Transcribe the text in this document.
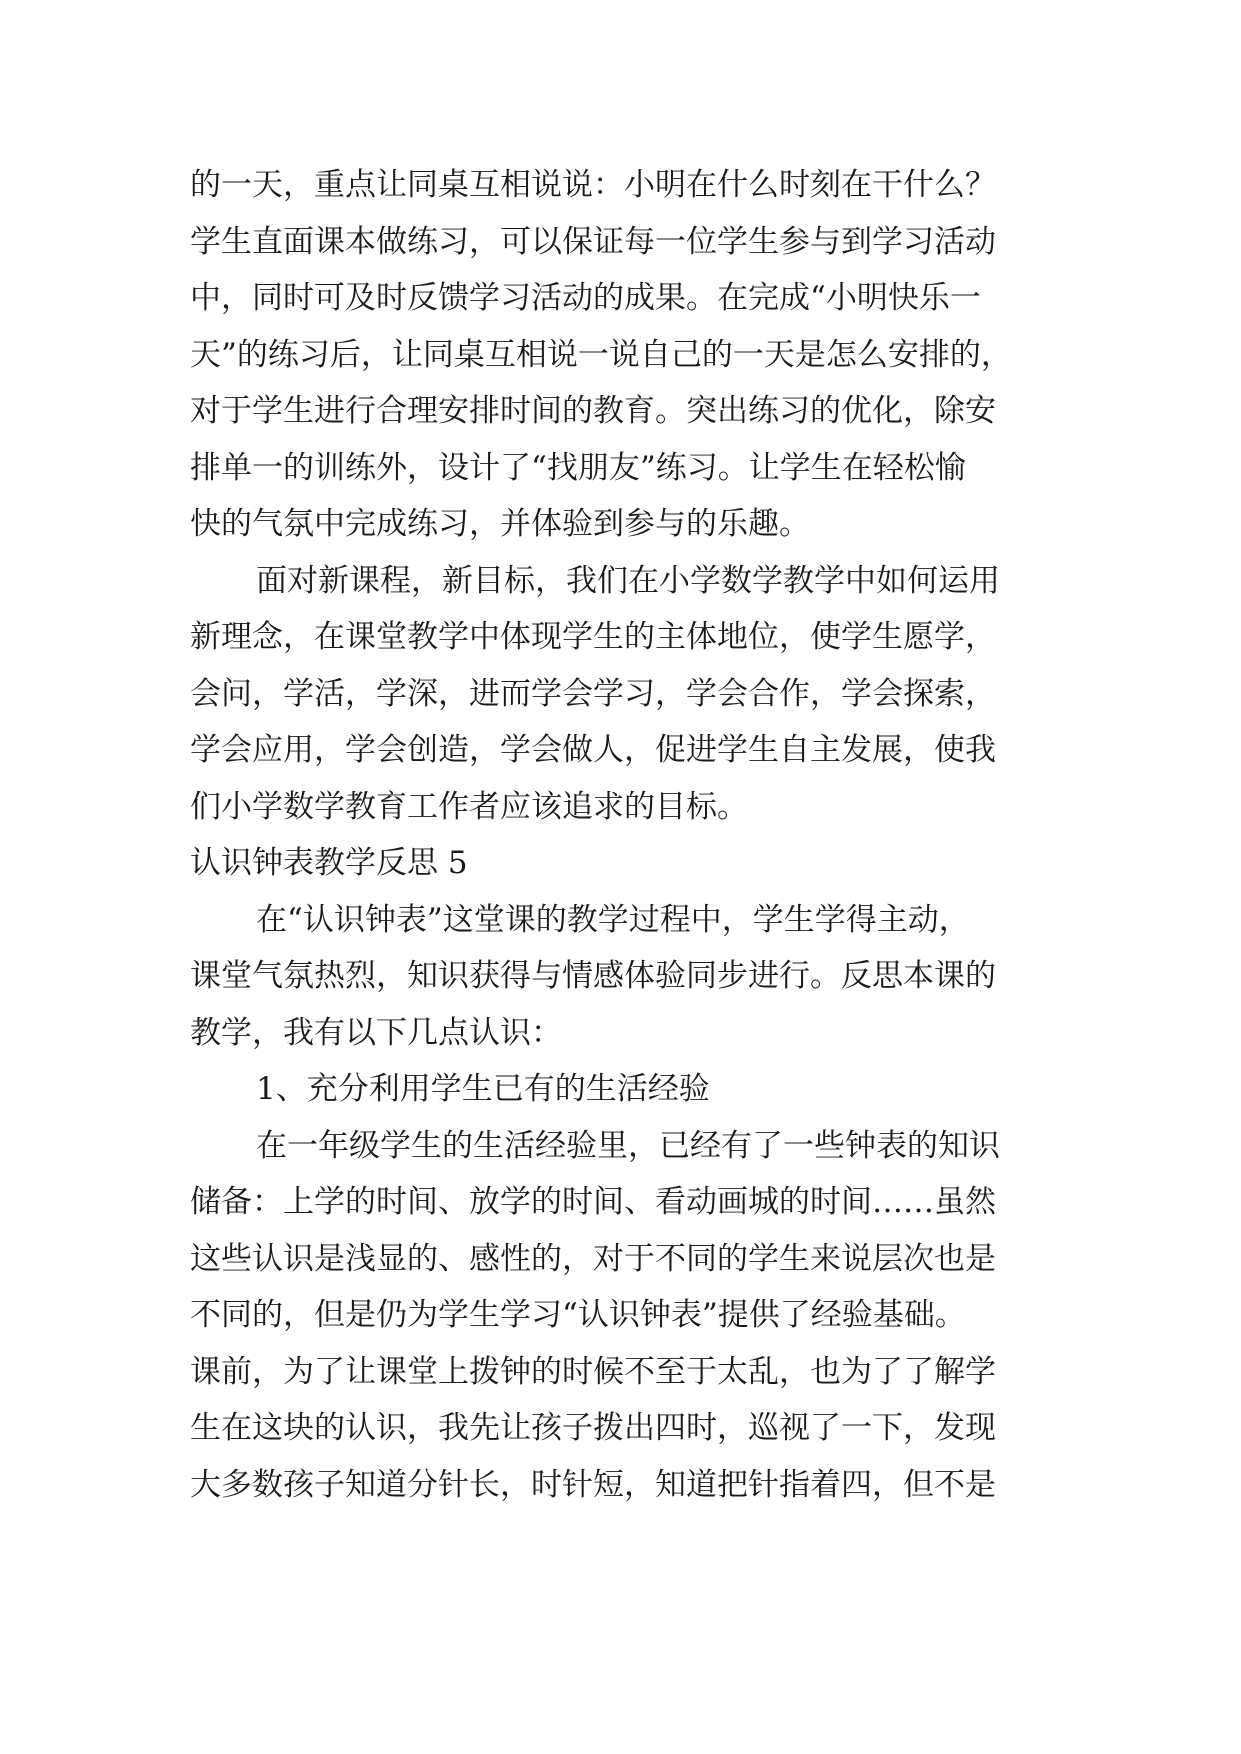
的一天，重点让同桌互相说说：小明在什么时刻在干什么？
学生直面课本做练习，可以保证每一位学生参与到学习活动
中，同时可及时反馈学习活动的成果。在完成“小明快乐一
天”的练习后，让同桌互相说一说自己的一天是怎么安排的，
对于学生进行合理安排时间的教育。突出练习的优化，除安
排单一的训练外，设计了“找朋友”练习。让学生在轻松愉
快的气氛中完成练习，并体验到参与的乐趣。
面对新课程，新目标，我们在小学数学教学中如何运用
新理念，在课堂教学中体现学生的主体地位，使学生愿学，
会问，学活，学深，进而学会学习，学会合作，学会探索，
学会应用，学会创造，学会做人，促进学生自主发展，使我
们小学数学教育工作者应该追求的目标。
认识钟表教学反思 5
在“认识钟表”这堂课的教学过程中，学生学得主动，
课堂气氛热烈，知识获得与情感体验同步进行。反思本课的
教学，我有以下几点认识：
1、充分利用学生已有的生活经验
在一年级学生的生活经验里，已经有了一些钟表的知识
储备：上学的时间、放学的时间、看动画城的时间……虽然
这些认识是浅显的、感性的，对于不同的学生来说层次也是
不同的，但是仍为学生学习“认识钟表”提供了经验基础。
课前，为了让课堂上拨钟的时候不至于太乱，也为了了解学
生在这块的认识，我先让孩子拨出四时，巡视了一下，发现
大多数孩子知道分针长，时针短，知道把针指着四，但不是
